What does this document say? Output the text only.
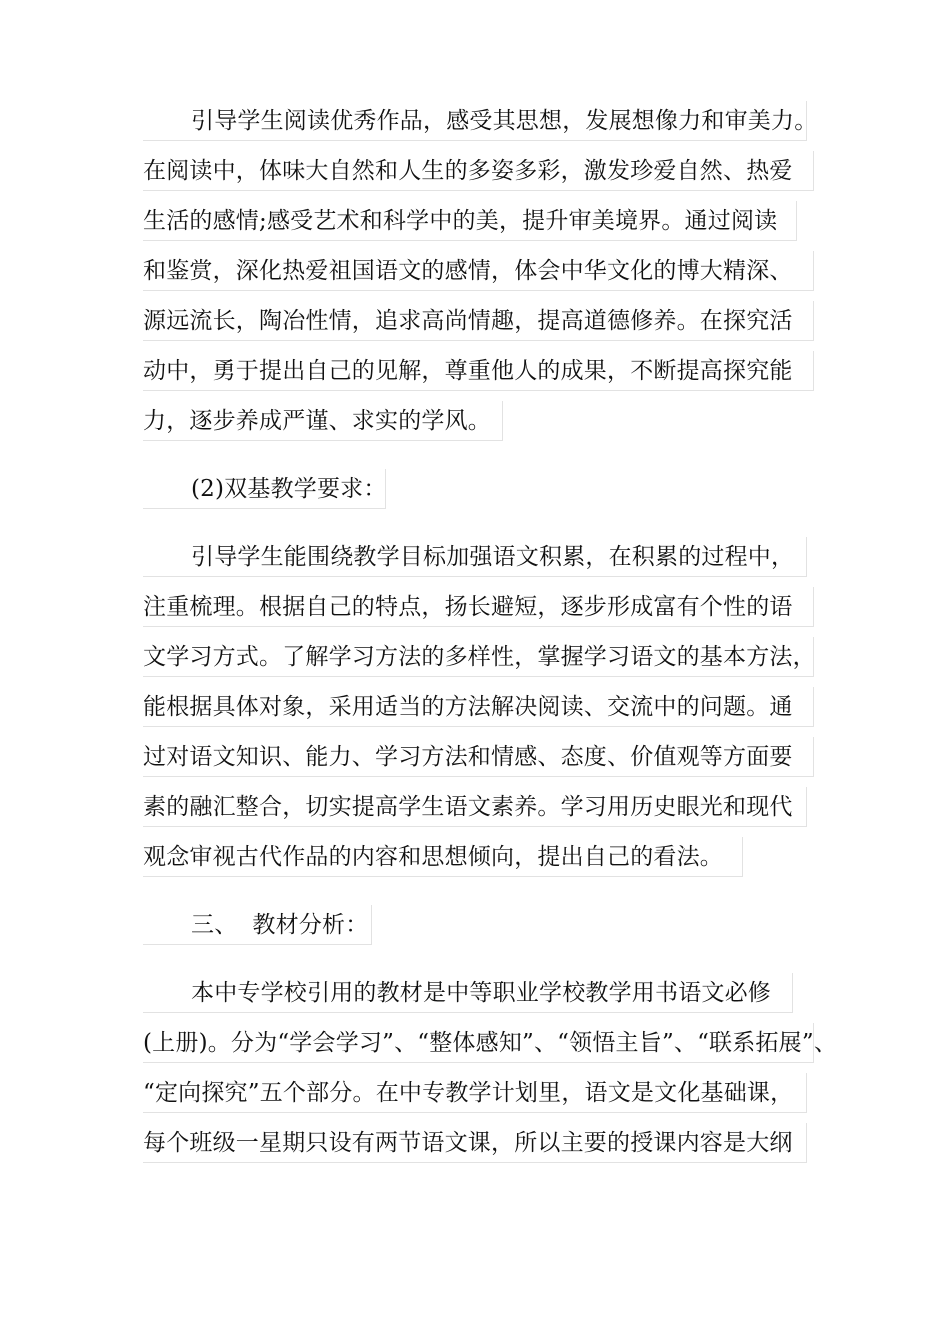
引导学生阅读优秀作品，感受其思想，发展想像力和审美力。
在阅读中，体味大自然和人生的多姿多彩，激发珍爱自然、热爱
生活的感情;感受艺术和科学中的美，提升审美境界。通过阅读
和鉴赏，深化热爱祖国语文的感情，体会中华文化的博大精深、
源远流长，陶冶性情，追求高尚情趣，提高道德修养。在探究活
动中，勇于提出自己的见解，尊重他人的成果，不断提高探究能
力，逐步养成严谨、求实的学风。
(2)双基教学要求：
引导学生能围绕教学目标加强语文积累，在积累的过程中，
注重梳理。根据自己的特点，扬长避短，逐步形成富有个性的语
文学习方式。了解学习方法的多样性，掌握学习语文的基本方法，
能根据具体对象，采用适当的方法解决阅读、交流中的问题。通
过对语文知识、能力、学习方法和情感、态度、价值观等方面要
素的融汇整合，切实提高学生语文素养。学习用历史眼光和现代
观念审视古代作品的内容和思想倾向，提出自己的看法。
三、  教材分析：
本中专学校引用的教材是中等职业学校教学用书语文必修
(上册)。分为“学会学习”、“整体感知”、“领悟主旨”、“联系拓展”、
“定向探究”五个部分。在中专教学计划里，语文是文化基础课，
每个班级一星期只设有两节语文课，所以主要的授课内容是大纲
